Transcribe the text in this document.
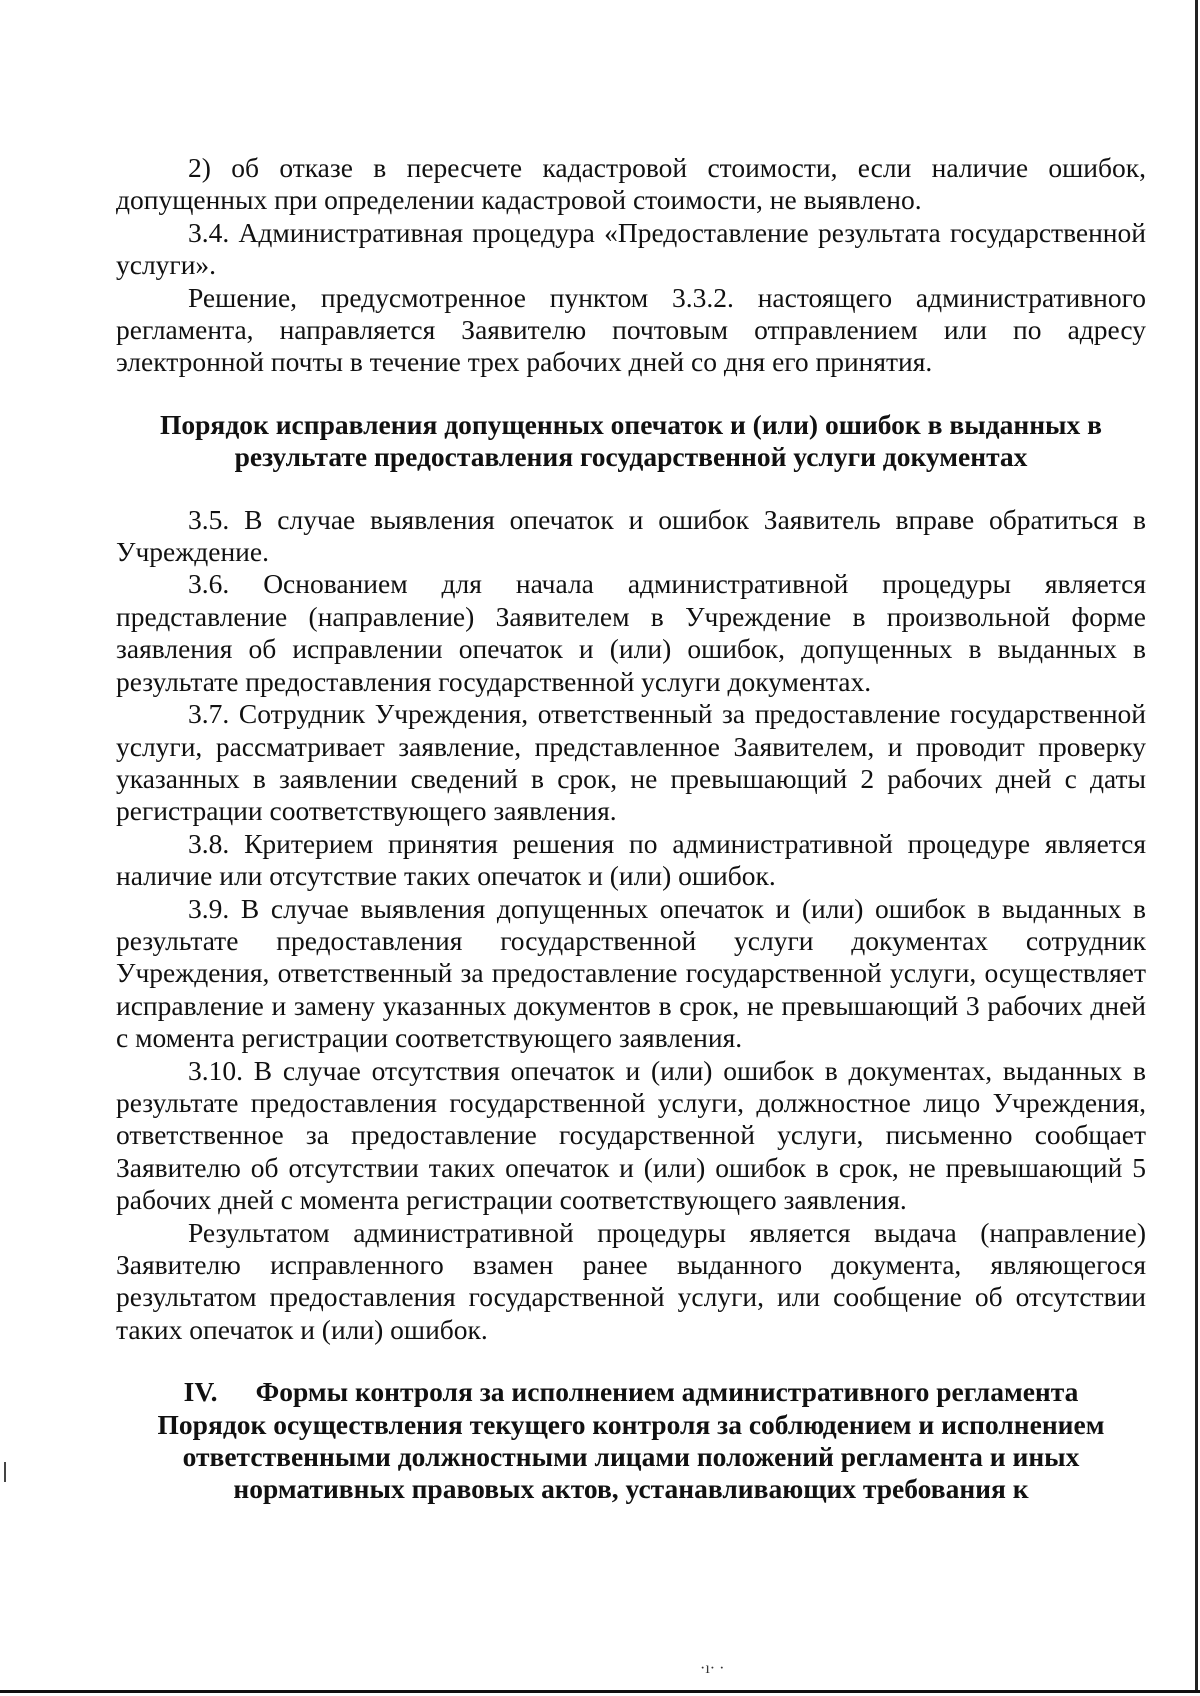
2) об отказе в пересчете кадастровой стоимости, если наличие ошибок, допущенных при определении кадастровой стоимости, не выявлено.

3.4. Административная процедура «Предоставление результата государственной услуги».

Решение, предусмотренное пунктом 3.3.2. настоящего административного регламента, направляется Заявителю почтовым отправлением или по адресу электронной почты в течение трех рабочих дней со дня его принятия.

Порядок исправления допущенных опечаток и (или) ошибок в выданных в результате предоставления государственной услуги документах

3.5. В случае выявления опечаток и ошибок Заявитель вправе обратиться в Учреждение.

3.6. Основанием для начала административной процедуры является представление (направление) Заявителем в Учреждение в произвольной форме заявления об исправлении опечаток и (или) ошибок, допущенных в выданных в результате предоставления государственной услуги документах.

3.7. Сотрудник Учреждения, ответственный за предоставление государственной услуги, рассматривает заявление, представленное Заявителем, и проводит проверку указанных в заявлении сведений в срок, не превышающий 2 рабочих дней с даты регистрации соответствующего заявления.

3.8. Критерием принятия решения по административной процедуре является наличие или отсутствие таких опечаток и (или) ошибок.

3.9. В случае выявления допущенных опечаток и (или) ошибок в выданных в результате предоставления государственной услуги документах сотрудник Учреждения, ответственный за предоставление государственной услуги, осуществляет исправление и замену указанных документов в срок, не превышающий 3 рабочих дней с момента регистрации соответствующего заявления.

3.10. В случае отсутствия опечаток и (или) ошибок в документах, выданных в результате предоставления государственной услуги, должностное лицо Учреждения, ответственное за предоставление государственной услуги, письменно сообщает Заявителю об отсутствии таких опечаток и (или) ошибок в срок, не превышающий 5 рабочих дней с момента регистрации соответствующего заявления.

Результатом административной процедуры является выдача (направление) Заявителю исправленного взамен ранее выданного документа, являющегося результатом предоставления государственной услуги, или сообщение об отсутствии таких опечаток и (или) ошибок.

IV. Формы контроля за исполнением административного регламента
Порядок осуществления текущего контроля за соблюдением и исполнением ответственными должностными лицами положений регламента и иных нормативных правовых актов, устанавливающих требования к
·ı· ·
